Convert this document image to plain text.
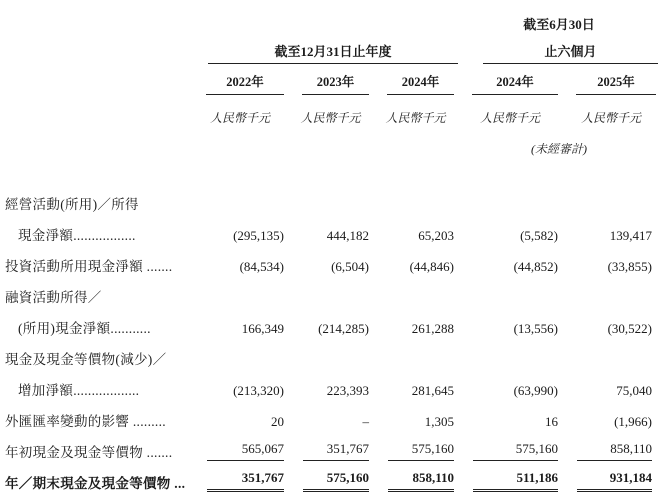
				截至6月30日	

	截至12月31日止年度			止六個月	

	2022年	2023年	2024年	2024年	2025年

	人民幣千元	人民幣千元	人民幣千元	人民幣千元	人民幣千元
				(未經審計)	

經營活動(所用)／所得					
現金淨額.................	(295,135)	444,182	65,203	(5,582)	139,417
投資活動所用現金淨額 .......	(84,534)	(6,504)	(44,846)	(44,852)	(33,855)
融資活動所得／					
(所用)現金淨額...........	166,349	(214,285)	261,288	(13,556)	(30,522)
現金及現金等價物(減少)／					
增加淨額..................	(213,320)	223,393	281,645	(63,990)	75,040
外匯匯率變動的影響 .........	20	–	1,305	16	(1,966)
年初現金及現金等價物 .......	565,067	351,767	575,160	575,160	858,110

年／期末現金及現金等價物 ...	351,767	575,160	858,110	511,186	931,184
